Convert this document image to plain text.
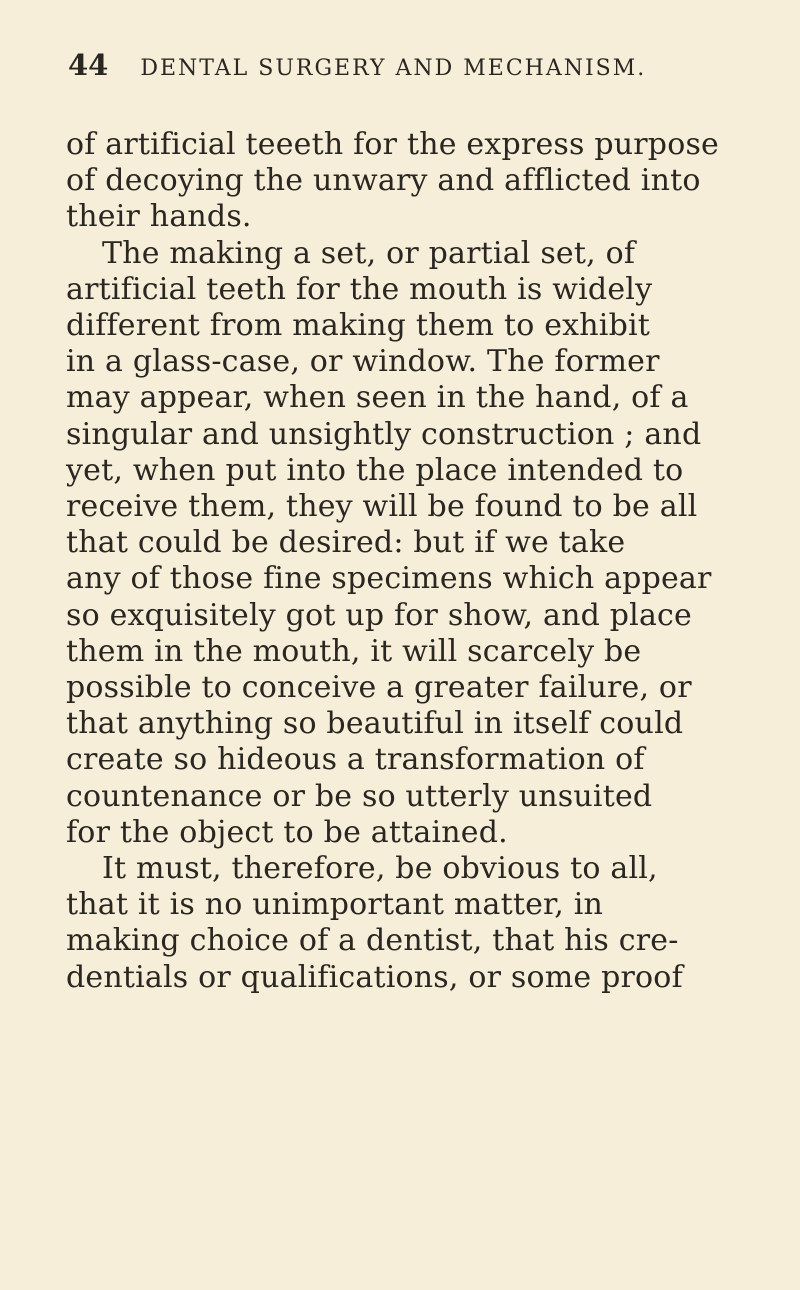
44 DENTAL SURGERY AND MECHANISM.
of artificial teeeth for the express purpose
of decoying the unwary and afflicted into
their hands.
The making a set, or partial set, of
artificial teeth for the mouth is widely
different from making them to exhibit
in a glass-case, or window. The former
may appear, when seen in the hand, of a
singular and unsightly construction ; and
yet, when put into the place intended to
receive them, they will be found to be all
that could be desired: but if we take
any of those fine specimens which appear
so exquisitely got up for show, and place
them in the mouth, it will scarcely be
possible to conceive a greater failure, or
that anything so beautiful in itself could
create so hideous a transformation of
countenance or be so utterly unsuited
for the object to be attained.
It must, therefore, be obvious to all,
that it is no unimportant matter, in
making choice of a dentist, that his cre-
dentials or qualifications, or some proof
